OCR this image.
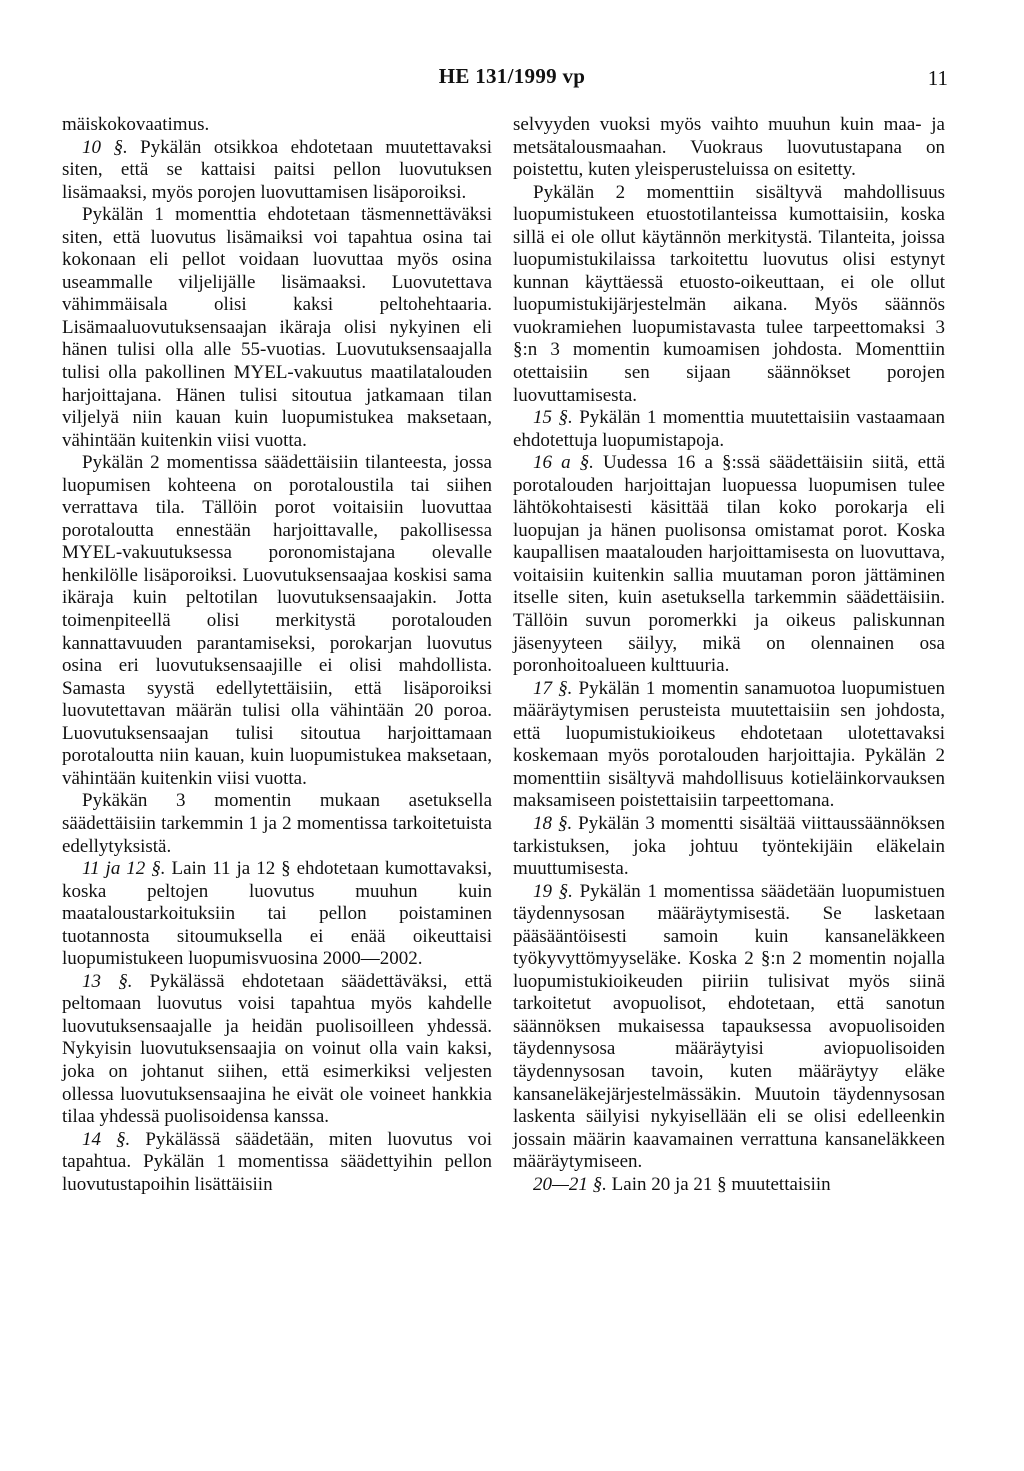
HE 131/1999 vp	11

mäiskokovaatimus.

10 §. Pykälän otsikkoa ehdotetaan muutettavaksi siten, että se kattaisi paitsi pellon luovutuksen lisämaaksi, myös porojen luovuttamisen lisäporoiksi.

Pykälän 1 momenttia ehdotetaan täsmennettäväksi siten, että luovutus lisämaiksi voi tapahtua osina tai kokonaan eli pellot voidaan luovuttaa myös osina useammalle viljelijälle lisämaaksi. Luovutettava vähimmäisala olisi kaksi peltohehtaaria. Lisämaaluovutuksensaajan ikäraja olisi nykyinen eli hänen tulisi olla alle 55-vuotias. Luovutuksensaajalla tulisi olla pakollinen MYEL-vakuutus maatilatalouden harjoittajana. Hänen tulisi sitoutua jatkamaan tilan viljelyä niin kauan kuin luopumistukea maksetaan, vähintään kuitenkin viisi vuotta.

Pykälän 2 momentissa säädettäisiin tilanteesta, jossa luopumisen kohteena on porotaloustila tai siihen verrattava tila. Tällöin porot voitaisiin luovuttaa porotaloutta ennestään harjoittavalle, pakollisessa MYEL-vakuutuksessa poronomistajana olevalle henkilölle lisäporoiksi. Luovutuksensaajaa koskisi sama ikäraja kuin peltotilan luovutuksensaajakin. Jotta toimenpiteellä olisi merkitystä porotalouden kannattavuuden parantamiseksi, porokarjan luovutus osina eri luovutuksensaajille ei olisi mahdollista. Samasta syystä edellytettäisiin, että lisäporoiksi luovutettavan määrän tulisi olla vähintään 20 poroa. Luovutuksensaajan tulisi sitoutua harjoittamaan porotaloutta niin kauan, kuin luopumistukea maksetaan, vähintään kuitenkin viisi vuotta.

Pykäkän 3 momentin mukaan asetuksella säädettäisiin tarkemmin 1 ja 2 momentissa tarkoitetuista edellytyksistä.

11 ja 12 §. Lain 11 ja 12 § ehdotetaan kumottavaksi, koska peltojen luovutus muuhun kuin maataloustarkoituksiin tai pellon poistaminen tuotannosta sitoumuksella ei enää oikeuttaisi luopumistukeen luopumisvuosina 2000—2002.

13 §. Pykälässä ehdotetaan säädettäväksi, että peltomaan luovutus voisi tapahtua myös kahdelle luovutuksensaajalle ja heidän puolisoilleen yhdessä. Nykyisin luovutuksensaajia on voinut olla vain kaksi, joka on johtanut siihen, että esimerkiksi veljesten ollessa luovutuksensaajina he eivät ole voineet hankkia tilaa yhdessä puolisoidensa kanssa.

14 §. Pykälässä säädetään, miten luovutus voi tapahtua. Pykälän 1 momentissa säädettyihin pellon luovutustapoihin lisättäisiin

selvyyden vuoksi myös vaihto muuhun kuin maa- ja metsätalousmaahan. Vuokraus luovutustapana on poistettu, kuten yleisperusteluissa on esitetty.

Pykälän 2 momenttiin sisältyvä mahdollisuus luopumistukeen etuostotilanteissa kumottaisiin, koska sillä ei ole ollut käytännön merkitystä. Tilanteita, joissa luopumistukilaissa tarkoitettu luovutus olisi estynyt kunnan käyttäessä etuosto-oikeuttaan, ei ole ollut luopumistukijärjestelmän aikana. Myös säännös vuokramiehen luopumistavasta tulee tarpeettomaksi 3 §:n 3 momentin kumoamisen johdosta. Momenttiin otettaisiin sen sijaan säännökset porojen luovuttamisesta.

15 §. Pykälän 1 momenttia muutettaisiin vastaamaan ehdotettuja luopumistapoja.

16 a §. Uudessa 16 a §:ssä säädettäisiin siitä, että porotalouden harjoittajan luopuessa luopumisen tulee lähtökohtaisesti käsittää tilan koko porokarja eli luopujan ja hänen puolisonsa omistamat porot. Koska kaupallisen maatalouden harjoittamisesta on luovuttava, voitaisiin kuitenkin sallia muutaman poron jättäminen itselle siten, kuin asetuksella tarkemmin säädettäisiin. Tällöin suvun poromerkki ja oikeus paliskunnan jäsenyyteen säilyy, mikä on olennainen osa poronhoitoalueen kulttuuria.

17 §. Pykälän 1 momentin sanamuotoa luopumistuen määräytymisen perusteista muutettaisiin sen johdosta, että luopumistukioikeus ehdotetaan ulotettavaksi koskemaan myös porotalouden harjoittajia. Pykälän 2 momenttiin sisältyvä mahdollisuus kotieläinkorvauksen maksamiseen poistettaisiin tarpeettomana.

18 §. Pykälän 3 momentti sisältää viittaussäännöksen tarkistuksen, joka johtuu työntekijäin eläkelain muuttumisesta.

19 §. Pykälän 1 momentissa säädetään luopumistuen täydennysosan määräytymisestä. Se lasketaan pääsääntöisesti samoin kuin kansaneläkkeen työkyvyttömyyseläke. Koska 2 §:n 2 momentin nojalla luopumistukioikeuden piiriin tulisivat myös siinä tarkoitetut avopuolisot, ehdotetaan, että sanotun säännöksen mukaisessa tapauksessa avopuolisoiden täydennysosa määräytyisi aviopuolisoiden täydennysosan tavoin, kuten määräytyy eläke kansaneläkejärjestelmässäkin. Muutoin täydennysosan laskenta säilyisi nykyisellään eli se olisi edelleenkin jossain määrin kaavamainen verrattuna kansaneläkkeen määräytymiseen.

20—21 §. Lain 20 ja 21 § muutettaisiin
